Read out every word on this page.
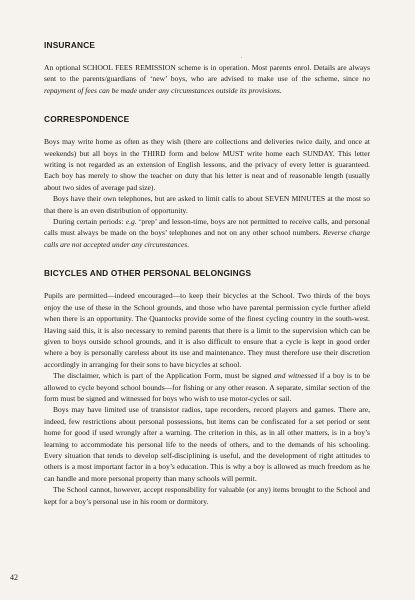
INSURANCE

An optional SCHOOL FEES REMISSION scheme is in operation. Most parents enrol. Details are always sent to the parents/guardians of ‘new’ boys, who are advised to make use of the scheme, since no repayment of fees can be made under any circumstances outside its provisions.

CORRESPONDENCE

Boys may write home as often as they wish (there are collections and deliveries twice daily, and once at weekends) but all boys in the THIRD form and below MUST write home each SUNDAY. This letter writing is not regarded as an extension of English lessons, and the privacy of every letter is guaranteed. Each boy has merely to show the teacher on duty that his letter is neat and of reasonable length (usually about two sides of average pad size).

Boys have their own telephones, but are asked to limit calls to about SEVEN MINUTES at the most so that there is an even distribution of opportunity.

During certain periods: e.g. ‘prep’ and lesson-time, boys are not permitted to receive calls, and personal calls must always be made on the boys’ telephones and not on any other school numbers. Reverse charge calls are not accepted under any circumstances.

BICYCLES AND OTHER PERSONAL BELONGINGS

Pupils are permitted—indeed encouraged—to keep their bicycles at the School. Two thirds of the boys enjoy the use of these in the School grounds, and those who have parental permission cycle further afield when there is an opportunity. The Quantocks provide some of the finest cycling country in the south-west. Having said this, it is also necessary to remind parents that there is a limit to the supervision which can be given to boys outside school grounds, and it is also difficult to ensure that a cycle is kept in good order where a boy is personally careless about its use and maintenance. They must therefore use their discretion accordingly in arranging for their sons to have bicycles at school.

The disclaimer, which is part of the Application Form, must be signed and witnessed if a boy is to be allowed to cycle beyond school bounds—for fishing or any other reason. A separate, similar section of the form must be signed and witnessed for boys who wish to use motor-cycles or sail.

Boys may have limited use of transistor radios, tape recorders, record players and games. There are, indeed, few restrictions about personal possessions, but items can be confiscated for a set period or sent home for good if used wrongly after a warning. The criterion in this, as in all other matters, is in a boy’s learning to accommodate his personal life to the needs of others, and to the demands of his schooling. Every situation that tends to develop self-disciplining is useful, and the development of right attitudes to others is a most important factor in a boy’s education. This is why a boy is allowed as much freedom as he can handle and more personal property than many schools will permit.

The School cannot, however, accept responsibility for valuable (or any) items brought to the School and kept for a boy’s personal use in his room or dormitory.

42
